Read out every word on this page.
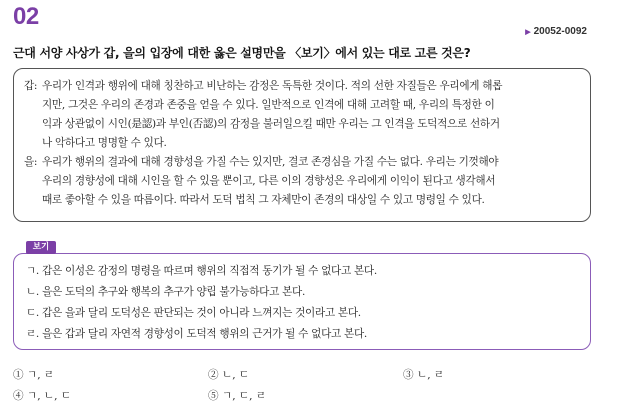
02
▶ 20052-0092
근대 서양 사상가 갑, 을의 입장에 대한 옳은 설명만을 〈보기〉에서 있는 대로 고른 것은?
갑: 우리가 인격과 행위에 대해 칭찬하고 비난하는 감정은 독특한 것이다. 적의 선한 자질들은 우리에게 해롭
지만, 그것은 우리의 존경과 존중을 얻을 수 있다. 일반적으로 인격에 대해 고려할 때, 우리의 특정한 이
익과 상관없이 시인(是認)과 부인(否認)의 감정을 불러일으킬 때만 우리는 그 인격을 도덕적으로 선하거
나 악하다고 명명할 수 있다.
을: 우리가 행위의 결과에 대해 경향성을 가질 수는 있지만, 결코 존경심을 가질 수는 없다. 우리는 기껏해야
우리의 경향성에 대해 시인을 할 수 있을 뿐이고, 다른 이의 경향성은 우리에게 이익이 된다고 생각해서
때로 좋아할 수 있을 따름이다. 따라서 도덕 법칙 그 자체만이 존경의 대상일 수 있고 명령일 수 있다.
보기
ㄱ. 갑은 이성은 감정의 명령을 따르며 행위의 직접적 동기가 될 수 없다고 본다.
ㄴ. 을은 도덕의 추구와 행복의 추구가 양립 불가능하다고 본다.
ㄷ. 갑은 을과 달리 도덕성은 판단되는 것이 아니라 느껴지는 것이라고 본다.
ㄹ. 을은 갑과 달리 자연적 경향성이 도덕적 행위의 근거가 될 수 없다고 본다.
① ㄱ, ㄹ	② ㄴ, ㄷ	③ ㄴ, ㄹ
④ ㄱ, ㄴ, ㄷ	⑤ ㄱ, ㄷ, ㄹ
